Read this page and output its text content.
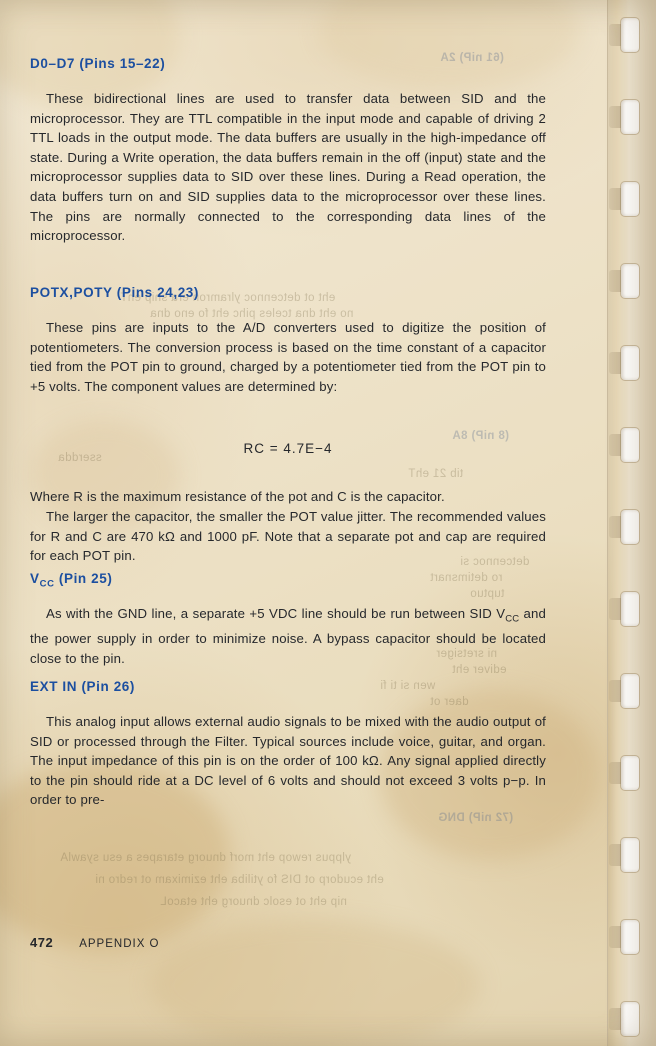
(61 niP) 2A
eht ot detcennoc ylramron era snip ehT
no eht dna tceles pihc eht fo eno dna
(8 niP) 8A
sserdda
tib 21 ehT
detcennoc si
ro detimsnart
tuptuo
ni sretsiger
ediver eht
wen si ti fi
daer ot
(72 niP) DNG
ylppus rewop eht morf dnuorg etarapes a esu syawlA
eht ecudorp ot DIS fo ytiliba eht ezimixam ot redro ni
nip eht ot esolc dnuorg eht etacoL
D0–D7 (Pins 15–22)

These bidirectional lines are used to transfer data between SID and the microprocessor. They are TTL compatible in the input mode and capable of driving 2 TTL loads in the output mode. The data buffers are usually in the high-impedance off state. During a Write operation, the data buffers remain in the off (input) state and the microprocessor supplies data to SID over these lines. During a Read operation, the data buffers turn on and SID supplies data to the microprocessor over these lines. The pins are normally connected to the corresponding data lines of the microprocessor.

POTX,POTY (Pins 24,23)

These pins are inputs to the A/D converters used to digitize the position of potentiometers. The conversion process is based on the time constant of a capacitor tied from the POT pin to ground, charged by a potentiometer tied from the POT pin to +5 volts. The component values are determined by:

RC = 4.7E−4

Where R is the maximum resistance of the pot and C is the capacitor.

The larger the capacitor, the smaller the POT value jitter. The recommended values for R and C are 470 kΩ and 1000 pF. Note that a separate pot and cap are required for each POT pin.

$V_{CC}$ (Pin 25)

As with the GND line, a separate +5 VDC line should be run between SID $V_{CC}$ and the power supply in order to minimize noise. A bypass capacitor should be located close to the pin.

EXT IN (Pin 26)

This analog input allows external audio signals to be mixed with the audio output of SID or processed through the Filter. Typical sources include voice, guitar, and organ. The input impedance of this pin is on the order of 100 kΩ. Any signal applied directly to the pin should ride at a DC level of 6 volts and should not exceed 3 volts p−p. In order to pre-

472 APPENDIX O
